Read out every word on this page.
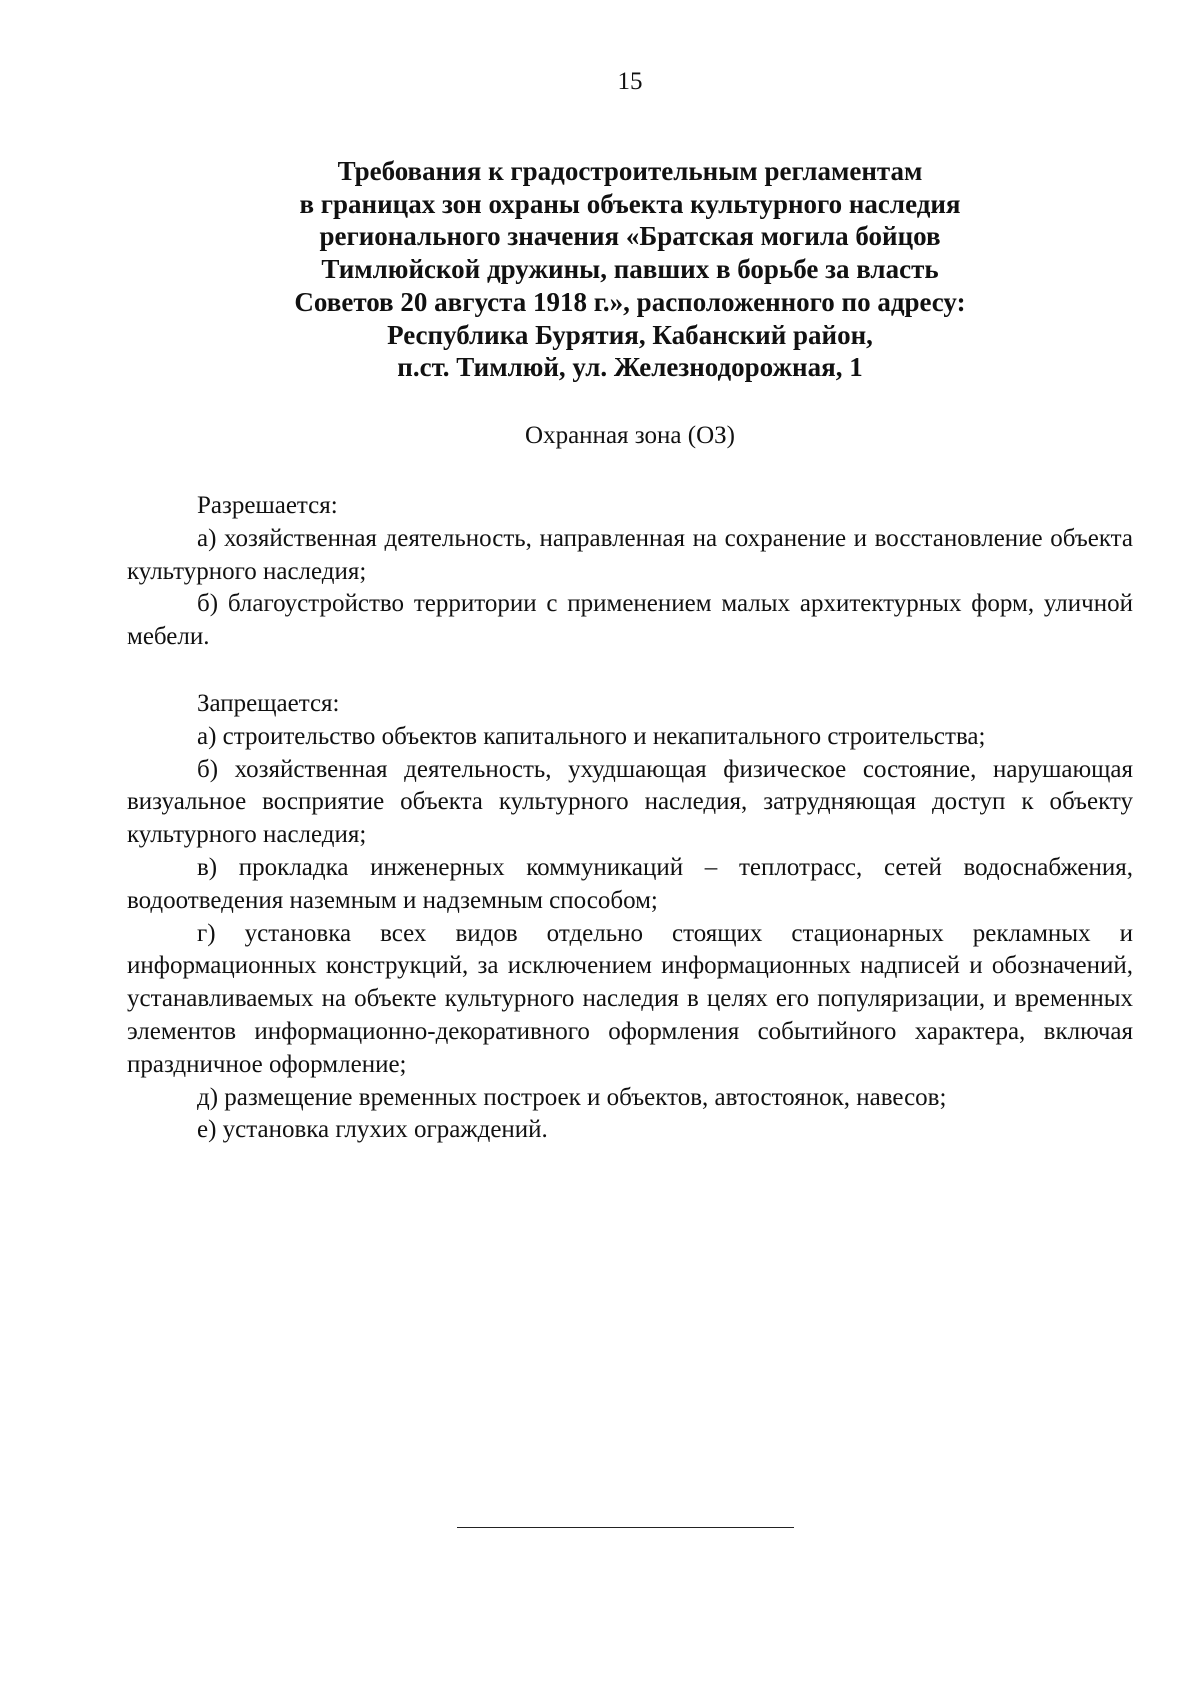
15
Требования к градостроительным регламентам
в границах зон охраны объекта культурного наследия
регионального значения «Братская могила бойцов
Тимлюйской дружины, павших в борьбе за власть
Советов 20 августа 1918 г.», расположенного по адресу:
Республика Бурятия, Кабанский район,
п.ст. Тимлюй, ул. Железнодорожная, 1
Охранная зона (ОЗ)
Разрешается:

а) хозяйственная деятельность, направленная на сохранение и восстановление объекта культурного наследия;

б) благоустройство территории с применением малых архитектурных форм, уличной мебели.

Запрещается:

а) строительство объектов капитального и некапитального строительства;

б) хозяйственная деятельность, ухудшающая физическое состояние, нарушающая визуальное восприятие объекта культурного наследия, затрудняющая доступ к объекту культурного наследия;

в) прокладка инженерных коммуникаций – теплотрасс, сетей водоснабжения, водоотведения наземным и надземным способом;

г) установка всех видов отдельно стоящих стационарных рекламных и информационных конструкций, за исключением информационных надписей и обозначений, устанавливаемых на объекте культурного наследия в целях его популяризации, и временных элементов информационно-декоративного оформления событийного характера, включая праздничное оформление;

д) размещение временных построек и объектов, автостоянок, навесов;

е) установка глухих ограждений.
